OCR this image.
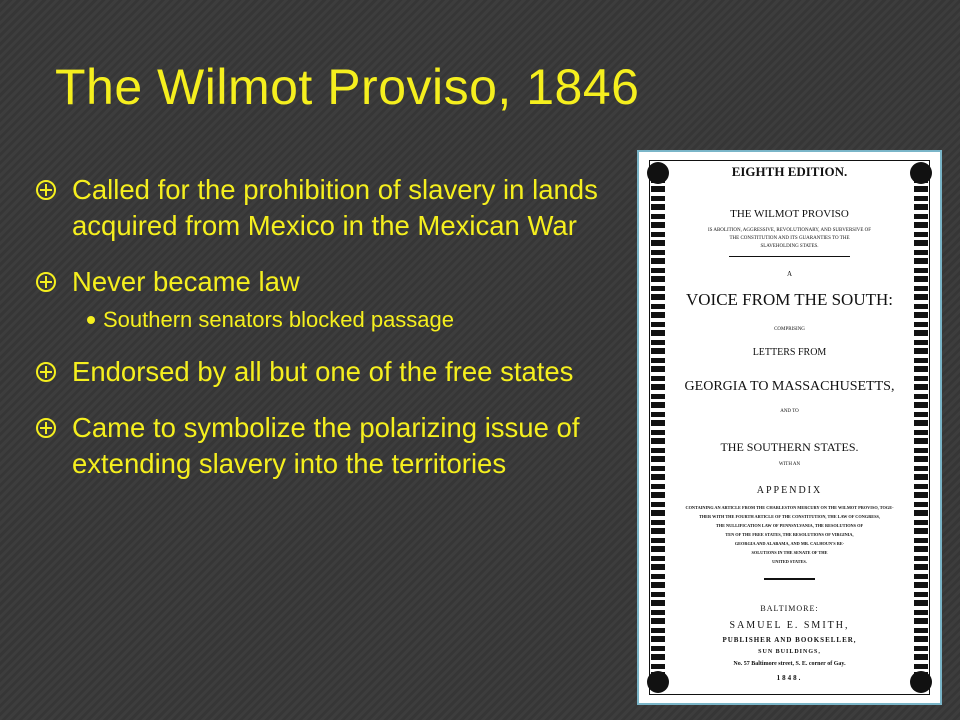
The Wilmot Proviso, 1846
Called for the prohibition of slavery in lands acquired from Mexico in the Mexican War
Never became law
Southern senators blocked passage
Endorsed by all but one of the free states
Came to symbolize the polarizing issue of extending slavery into the territories
EIGHTH EDITION.
THE WILMOT PROVISO
IS ABOLITION, AGGRESSIVE, REVOLUTIONARY, AND SUBVERSIVE OF
THE CONSTITUTION AND ITS GUARANTIES TO THE
SLAVEHOLDING STATES.
A
VOICE FROM THE SOUTH:
COMPRISING
LETTERS FROM
GEORGIA TO MASSACHUSETTS,
AND TO
THE SOUTHERN STATES.
WITH AN
APPENDIX
CONTAINING AN ARTICLE FROM THE CHARLESTON MERCURY ON THE WILMOT PROVISO, TOGE-
THER WITH THE FOURTH ARTICLE OF THE CONSTITUTION, THE LAW OF CONGRESS,
THE NULLIFICATION LAW OF PENNSYLVANIA, THE RESOLUTIONS OF
TEN OF THE FREE STATES, THE RESOLUTIONS OF VIRGINIA,
GEORGIA AND ALABAMA, AND MR. CALHOUN'S RE-
SOLUTIONS IN THE SENATE OF THE
UNITED STATES.
BALTIMORE:
SAMUEL E. SMITH,
PUBLISHER AND BOOKSELLER,
SUN BUILDINGS,
No. 57 Baltimore street, S. E. corner of Gay.
1848.
